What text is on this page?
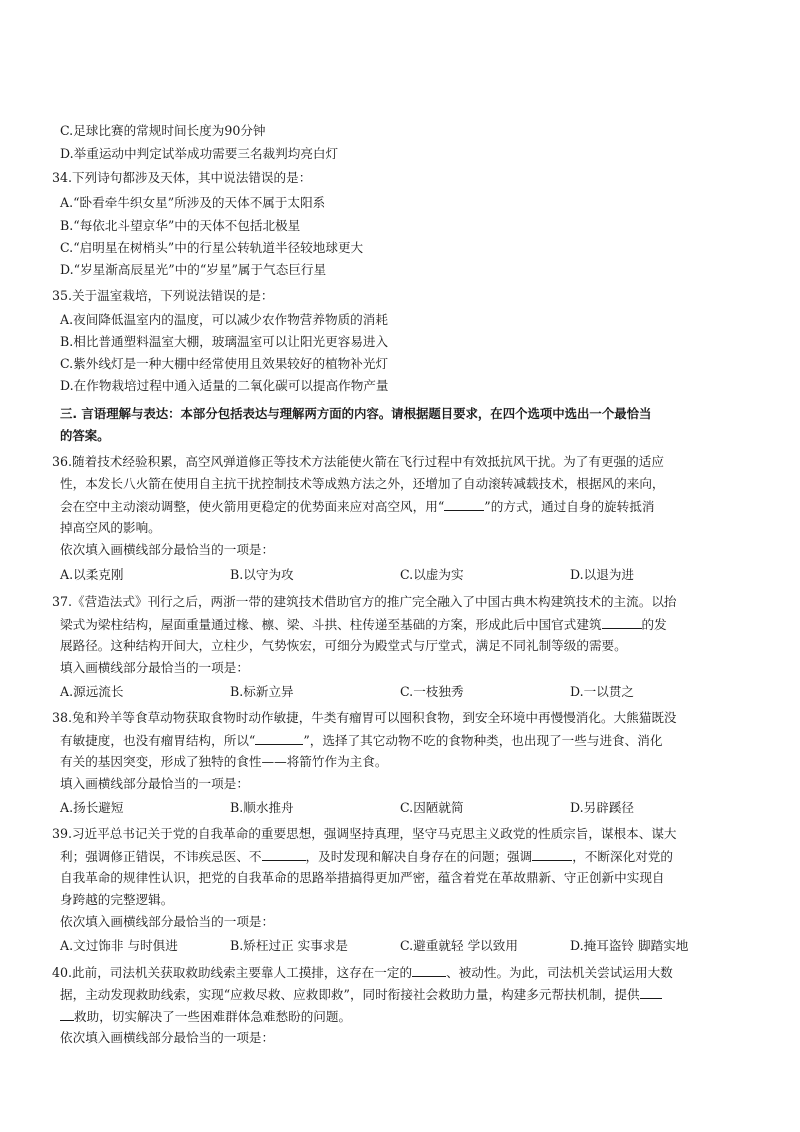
C.足球比赛的常规时间长度为90分钟
D.举重运动中判定试举成功需要三名裁判均亮白灯
34.下列诗句都涉及天体，其中说法错误的是：
A.“卧看牵牛织女星”所涉及的天体不属于太阳系
B.“每依北斗望京华”中的天体不包括北极星
C.“启明星在树梢头”中的行星公转轨道半径较地球更大
D.“岁星渐高辰星光”中的“岁星”属于气态巨行星
35.关于温室栽培，下列说法错误的是：
A.夜间降低温室内的温度，可以减少农作物营养物质的消耗
B.相比普通塑料温室大棚，玻璃温室可以让阳光更容易进入
C.紫外线灯是一种大棚中经常使用且效果较好的植物补光灯
D.在作物栽培过程中通入适量的二氧化碳可以提高作物产量
三. 言语理解与表达：本部分包括表达与理解两方面的内容。请根据题目要求，在四个选项中选出一个最恰当
的答案。
36.随着技术经验积累，高空风弹道修正等技术方法能使火箭在飞行过程中有效抵抗风干扰。为了有更强的适应
性，本发长八火箭在使用自主抗干扰控制技术等成熟方法之外，还增加了自动滚转减载技术，根据风的来向，
会在空中主动滚动调整，使火箭用更稳定的优势面来应对高空风，用“	”的方式，通过自身的旋转抵消
掉高空风的影响。
依次填入画横线部分最恰当的一项是：
A.以柔克刚	B.以守为攻	C.以虚为实	D.以退为进
37.《营造法式》刊行之后，两浙一带的建筑技术借助官方的推广完全融入了中国古典木构建筑技术的主流。以抬
梁式为梁柱结构，屋面重量通过椽、檩、梁、斗拱、柱传递至基础的方案，形成此后中国官式建筑	的发
展路径。这种结构开间大，立柱少，气势恢宏，可细分为殿堂式与厅堂式，满足不同礼制等级的需要。
填入画横线部分最恰当的一项是：
A.源远流长	B.标新立异	C.一枝独秀	D.一以贯之
38.兔和羚羊等食草动物获取食物时动作敏捷，牛类有瘤胃可以囤积食物，到安全环境中再慢慢消化。大熊猫既没
有敏捷度，也没有瘤胃结构，所以“	”，选择了其它动物不吃的食物种类，也出现了一些与进食、消化
有关的基因突变，形成了独特的食性——将箭竹作为主食。
填入画横线部分最恰当的一项是：
A.扬长避短	B.顺水推舟	C.因陋就简	D.另辟蹊径
39.习近平总书记关于党的自我革命的重要思想，强调坚持真理，坚守马克思主义政党的性质宗旨，谋根本、谋大
利；强调修正错误，不讳疾忌医、不	，及时发现和解决自身存在的问题；强调	，不断深化对党的
自我革命的规律性认识，把党的自我革命的思路举措搞得更加严密，蕴含着党在革故鼎新、守正创新中实现自
身跨越的完整逻辑。
依次填入画横线部分最恰当的一项是：
A.文过饰非 与时俱进	B.矫枉过正 实事求是	C.避重就轻 学以致用	D.掩耳盗铃 脚踏实地
40.此前，司法机关获取救助线索主要靠人工摸排，这存在一定的	、被动性。为此，司法机关尝试运用大数
据，主动发现救助线索，实现“应救尽救、应救即救”，同时衔接社会救助力量，构建多元帮扶机制，提供
救助，切实解决了一些困难群体急难愁盼的问题。
依次填入画横线部分最恰当的一项是：
